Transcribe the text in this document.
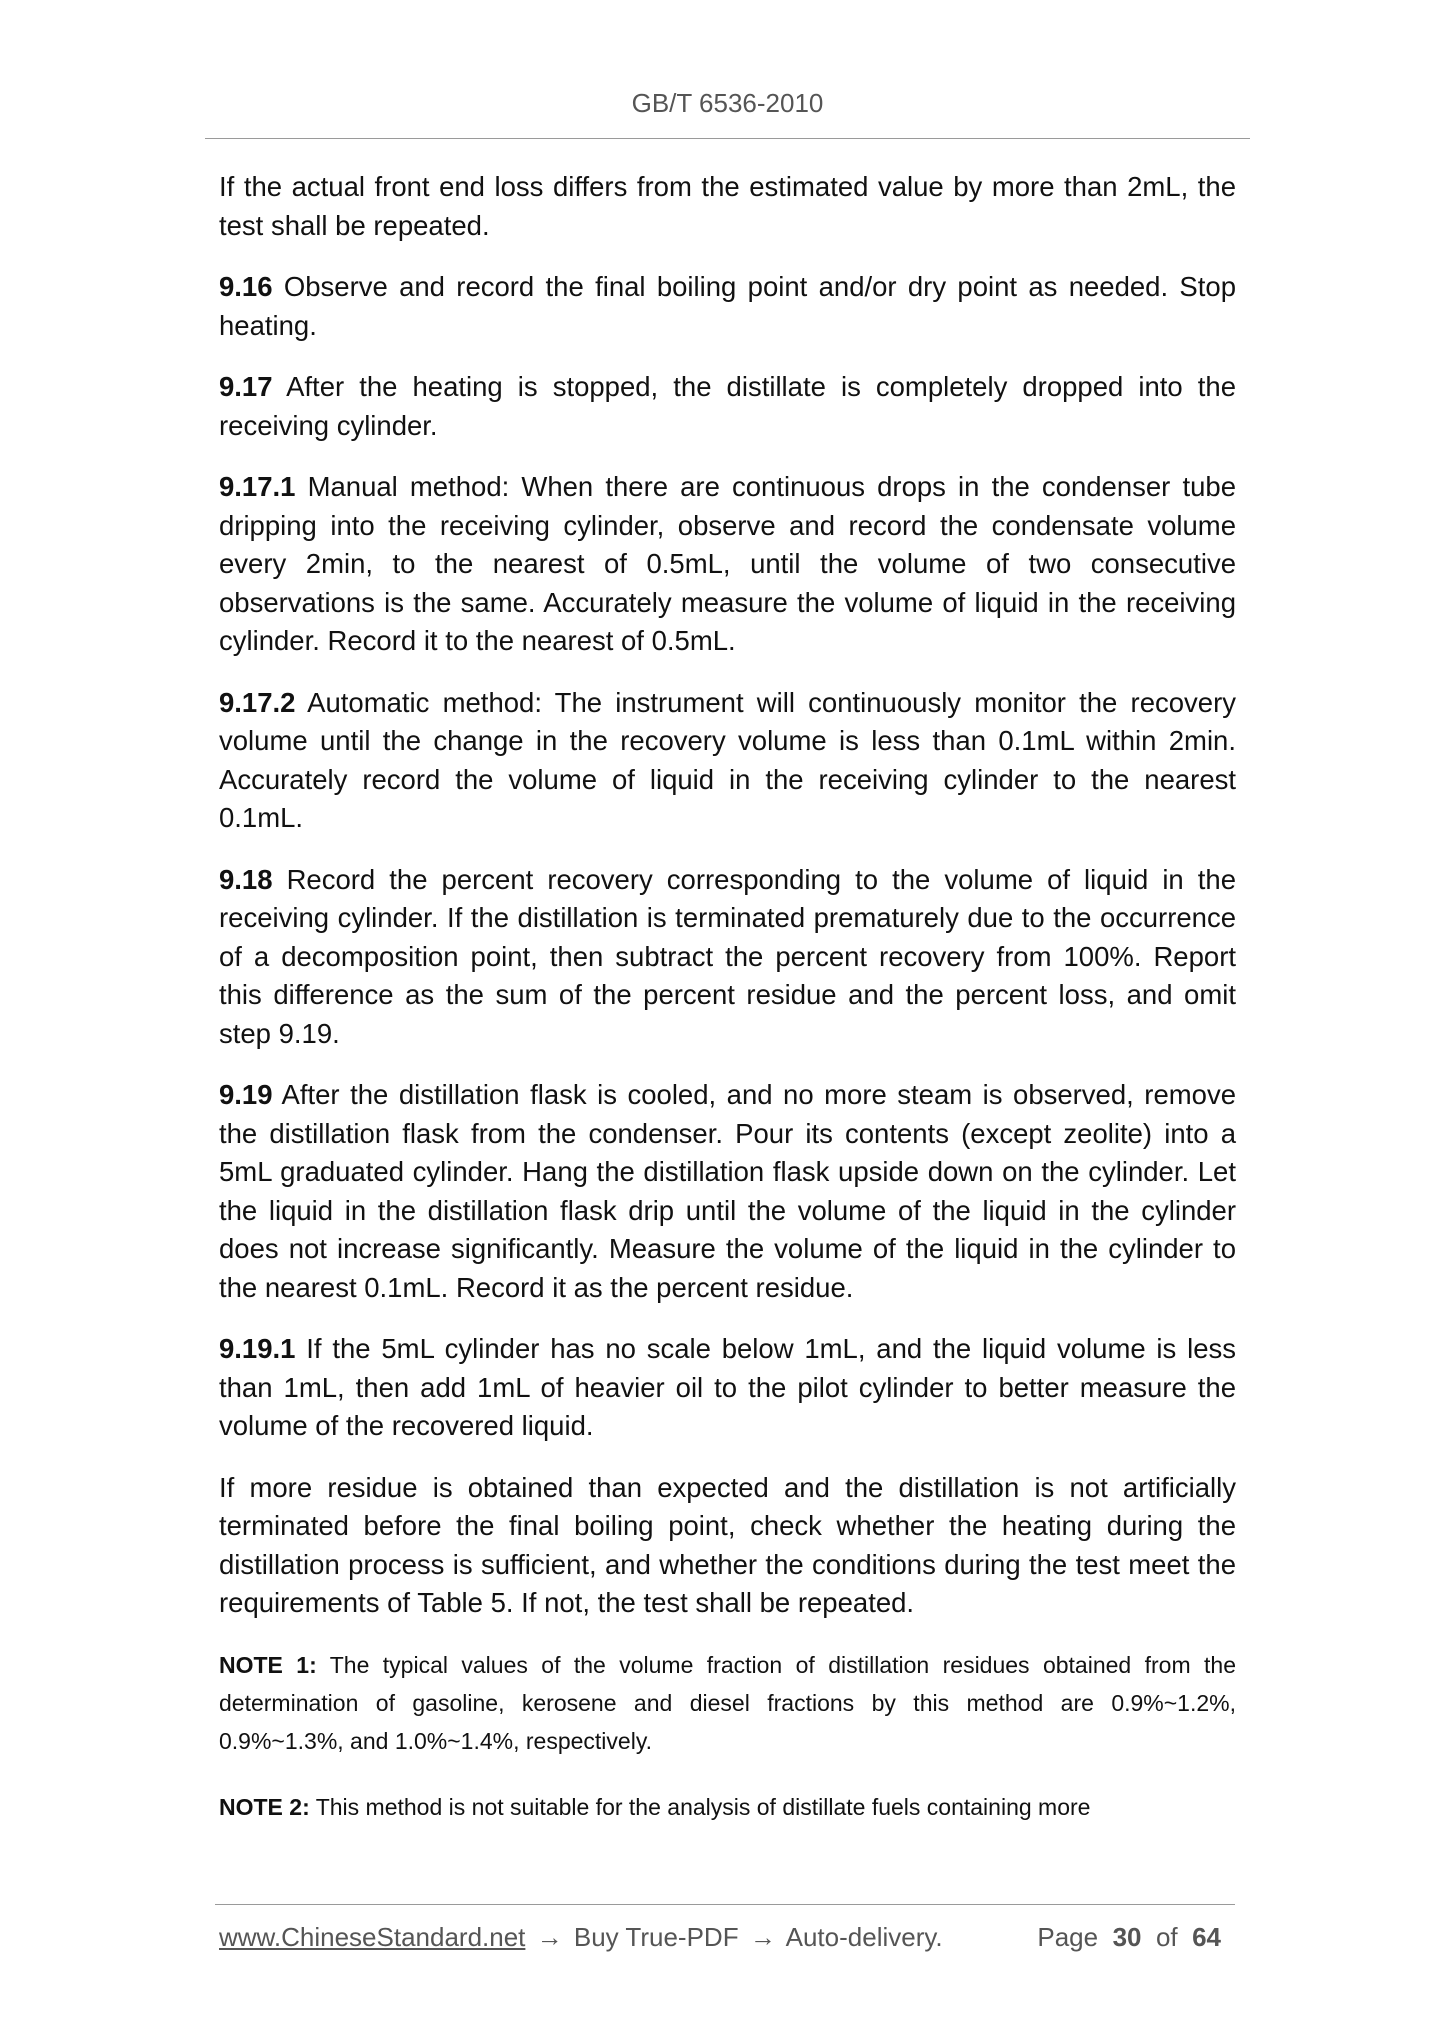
GB/T 6536-2010

If the actual front end loss differs from the estimated value by more than 2mL, the test shall be repeated.

9.16 Observe and record the final boiling point and/or dry point as needed. Stop heating.

9.17 After the heating is stopped, the distillate is completely dropped into the receiving cylinder.

9.17.1 Manual method: When there are continuous drops in the condenser tube dripping into the receiving cylinder, observe and record the condensate volume every 2min, to the nearest of 0.5mL, until the volume of two consecutive observations is the same. Accurately measure the volume of liquid in the receiving cylinder. Record it to the nearest of 0.5mL.

9.17.2 Automatic method: The instrument will continuously monitor the recovery volume until the change in the recovery volume is less than 0.1mL within 2min. Accurately record the volume of liquid in the receiving cylinder to the nearest 0.1mL.

9.18 Record the percent recovery corresponding to the volume of liquid in the receiving cylinder. If the distillation is terminated prematurely due to the occurrence of a decomposition point, then subtract the percent recovery from 100%. Report this difference as the sum of the percent residue and the percent loss, and omit step 9.19.

9.19 After the distillation flask is cooled, and no more steam is observed, remove the distillation flask from the condenser. Pour its contents (except zeolite) into a 5mL graduated cylinder. Hang the distillation flask upside down on the cylinder. Let the liquid in the distillation flask drip until the volume of the liquid in the cylinder does not increase significantly. Measure the volume of the liquid in the cylinder to the nearest 0.1mL. Record it as the percent residue.

9.19.1 If the 5mL cylinder has no scale below 1mL, and the liquid volume is less than 1mL, then add 1mL of heavier oil to the pilot cylinder to better measure the volume of the recovered liquid.

If more residue is obtained than expected and the distillation is not artificially terminated before the final boiling point, check whether the heating during the distillation process is sufficient, and whether the conditions during the test meet the requirements of Table 5. If not, the test shall be repeated.

NOTE 1: The typical values of the volume fraction of distillation residues obtained from the determination of gasoline, kerosene and diesel fractions by this method are 0.9%~1.2%, 0.9%~1.3%, and 1.0%~1.4%, respectively.

NOTE 2: This method is not suitable for the analysis of distillate fuels containing more

www.ChineseStandard.net → Buy True-PDF → Auto-delivery.	Page 30 of 64
